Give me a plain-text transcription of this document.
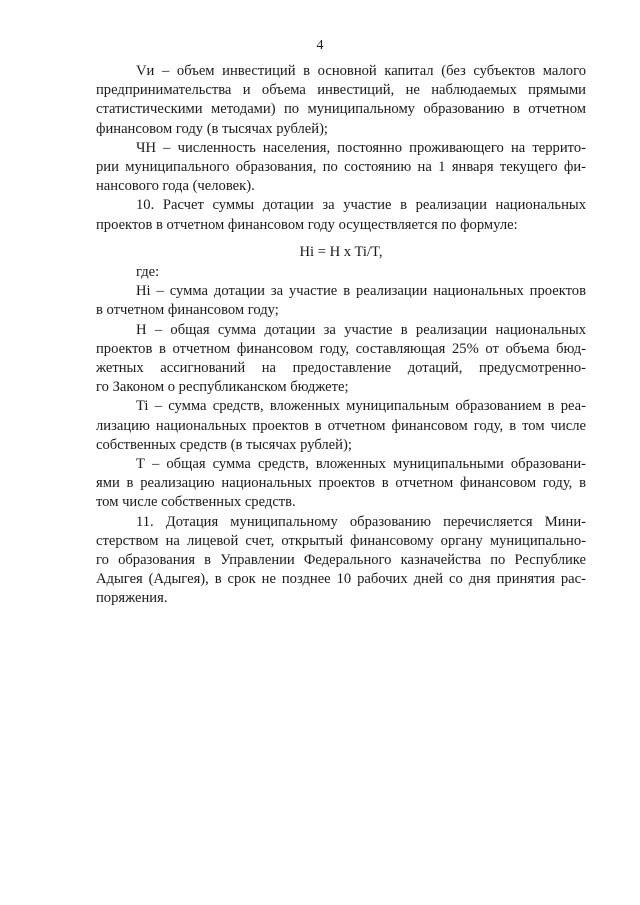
4
Vи – объем инвестиций в основной капитал (без субъектов малого
предпринимательства и объема инвестиций, не наблюдаемых прямыми
статистическими методами) по муниципальному образованию в отчетном
финансовом году (в тысячах рублей);
ЧН – численность населения, постоянно проживающего на террито-
рии муниципального образования, по состоянию на 1 января текущего фи-
нансового года (человек).
10. Расчет суммы дотации за участие в реализации национальных
проектов в отчетном финансовом году осуществляется по формуле:
Hi = H x Ti/T,
где:
Hi – сумма дотации за участие в реализации национальных проектов
в отчетном финансовом году;
Н – общая сумма дотации за участие в реализации национальных
проектов в отчетном финансовом году, составляющая 25% от объема бюд-
жетных ассигнований на предоставление дотаций, предусмотренно-
го Законом о республиканском бюджете;
Ti – сумма средств, вложенных муниципальным образованием в реа-
лизацию национальных проектов в отчетном финансовом году, в том числе
собственных средств (в тысячах рублей);
Т – общая сумма средств, вложенных муниципальными образовани-
ями в реализацию национальных проектов в отчетном финансовом году, в
том числе собственных средств.
11. Дотация муниципальному образованию перечисляется Мини-
стерством на лицевой счет, открытый финансовому органу муниципально-
го образования в Управлении Федерального казначейства по Республике
Адыгея (Адыгея), в срок не позднее 10 рабочих дней со дня принятия рас-
поряжения.
